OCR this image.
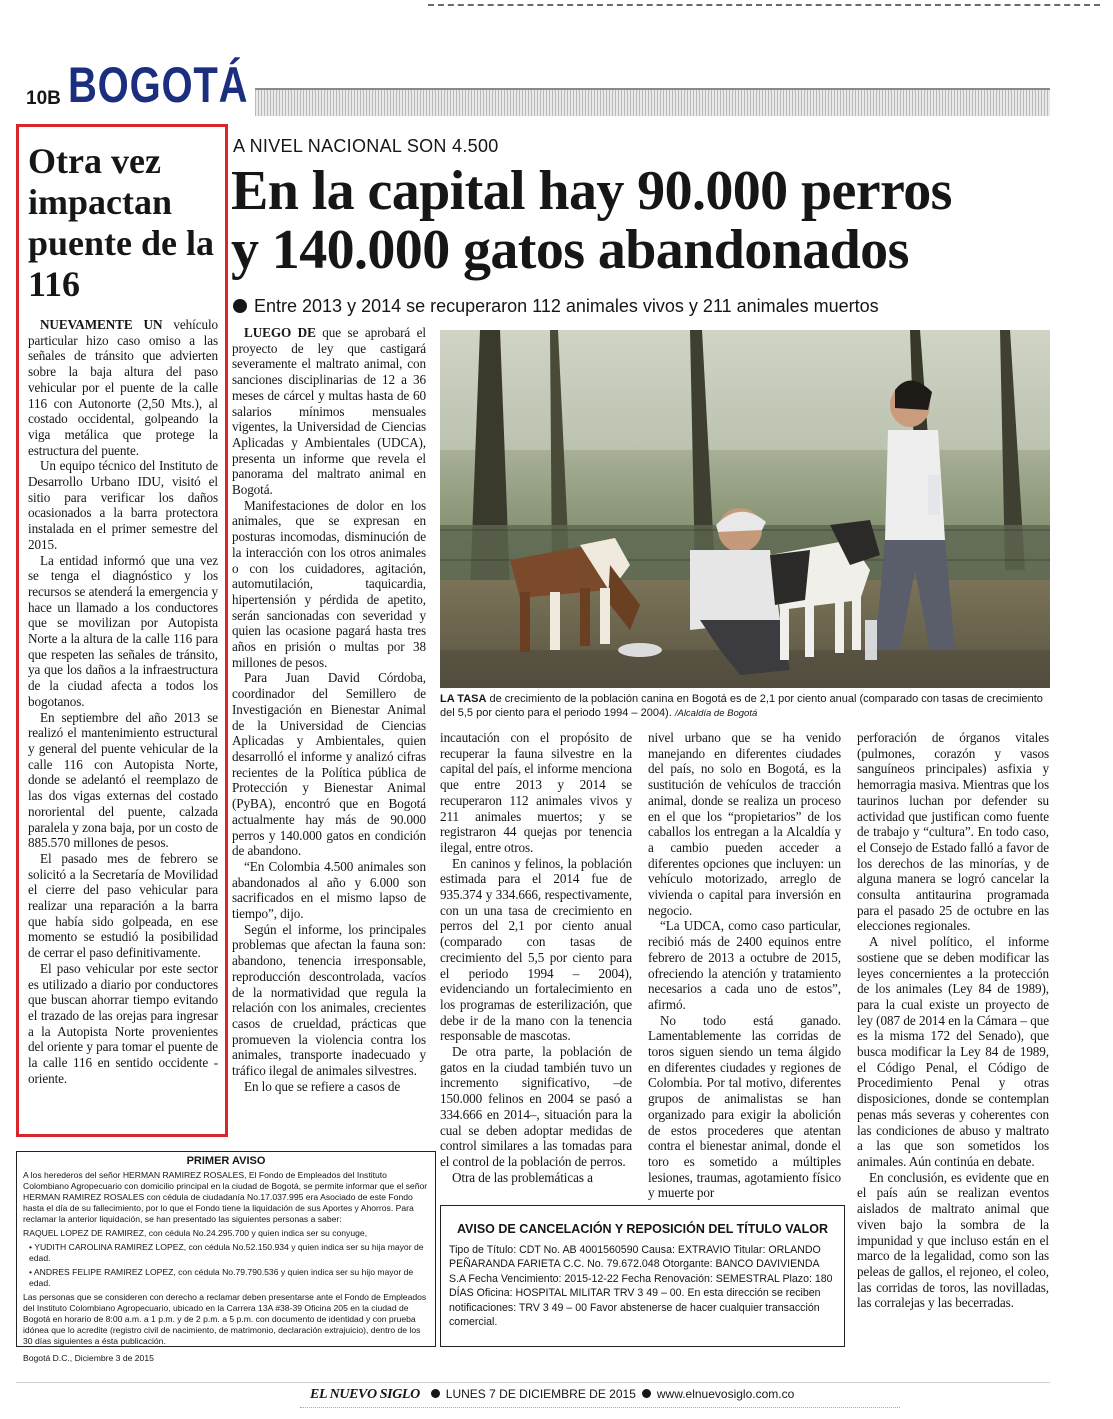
10B BOGOTÁ
Otra vez impactan puente de la 116

NUEVAMENTE UN vehículo particular hizo caso omiso a las señales de tránsito que advierten sobre la baja altura del paso vehicular por el puente de la calle 116 con Autonorte (2,50 Mts.), al costado occidental, golpeando la viga metálica que protege la estructura del puente.

Un equipo técnico del Instituto de Desarrollo Urbano IDU, visitó el sitio para verificar los daños ocasionados a la barra protectora instalada en el primer semestre del 2015.

La entidad informó que una vez se tenga el diagnóstico y los recursos se atenderá la emergencia y hace un llamado a los conductores que se movilizan por Autopista Norte a la altura de la calle 116 para que respeten las señales de tránsito, ya que los daños a la infraestructura de la ciudad afecta a todos los bogotanos.

En septiembre del año 2013 se realizó el mantenimiento estructural y general del puente vehicular de la calle 116 con Autopista Norte, donde se adelantó el reemplazo de las dos vigas externas del costado nororiental del puente, calzada paralela y zona baja, por un costo de 885.570 millones de pesos.

El pasado mes de febrero se solicitó a la Secretaría de Movilidad el cierre del paso vehicular para realizar una reparación a la barra que había sido golpeada, en ese momento se estudió la posibilidad de cerrar el paso definitivamente.

El paso vehicular por este sector es utilizado a diario por conductores que buscan ahorrar tiempo evitando el trazado de las orejas para ingresar a la Autopista Norte provenientes del oriente y para tomar el puente de la calle 116 en sentido occidente - oriente.

A NIVEL NACIONAL SON 4.500
En la capital hay 90.000 perros
y 140.000 gatos abandonados
Entre 2013 y 2014 se recuperaron 112 animales vivos y 211 animales muertos

LUEGO DE que se aprobará el proyecto de ley que castigará severamente el maltrato animal, con sanciones disciplinarias de 12 a 36 meses de cárcel y multas hasta de 60 salarios mínimos mensuales vigentes, la Universidad de Ciencias Aplicadas y Ambientales (UDCA), presenta un informe que revela el panorama del maltrato animal en Bogotá.

Manifestaciones de dolor en los animales, que se expresan en posturas incomodas, disminución de la interacción con los otros animales o con los cuidadores, agitación, automutilación, taquicardia, hipertensión y pérdida de apetito, serán sancionadas con severidad y quien las ocasione pagará hasta tres años en prisión o multas por 38 millones de pesos.

Para Juan David Córdoba, coordinador del Semillero de Investigación en Bienestar Animal de la Universidad de Ciencias Aplicadas y Ambientales, quien desarrolló el informe y analizó cifras recientes de la Política pública de Protección y Bienestar Animal (PyBA), encontró que en Bogotá actualmente hay más de 90.000 perros y 140.000 gatos en condición de abandono.

“En Colombia 4.500 animales son abandonados al año y 6.000 son sacrificados en el mismo lapso de tiempo”, dijo.

Según el informe, los principales problemas que afectan la fauna son: abandono, tenencia irresponsable, reproducción descontrolada, vacíos de la normatividad que regula la relación con los animales, crecientes casos de crueldad, prácticas que promueven la violencia contra los animales, transporte inadecuado y tráfico ilegal de animales silvestres.

En lo que se refiere a casos de

LA TASA de crecimiento de la población canina en Bogotá es de 2,1 por ciento anual (comparado con tasas de crecimiento del 5,5 por ciento para el periodo 1994 – 2004). /Alcaldía de Bogotá

incautación con el propósito de recuperar la fauna silvestre en la capital del país, el informe menciona que entre 2013 y 2014 se recuperaron 112 animales vivos y 211 animales muertos; y se registraron 44 quejas por tenencia ilegal, entre otros.

En caninos y felinos, la población estimada para el 2014 fue de 935.374 y 334.666, respectivamente, con un una tasa de crecimiento en perros del 2,1 por ciento anual (comparado con tasas de crecimiento del 5,5 por ciento para el periodo 1994 – 2004), evidenciando un fortalecimiento en los programas de esterilización, que debe ir de la mano con la tenencia responsable de mascotas.

De otra parte, la población de gatos en la ciudad también tuvo un incremento significativo, –de 150.000 felinos en 2004 se pasó a 334.666 en 2014–, situación para la cual se deben adoptar medidas de control similares a las tomadas para el control de la población de perros.

Otra de las problemáticas a

nivel urbano que se ha venido manejando en diferentes ciudades del país, no solo en Bogotá, es la sustitución de vehículos de tracción animal, donde se realiza un proceso en el que los “propietarios” de los caballos los entregan a la Alcaldía y a cambio pueden acceder a diferentes opciones que incluyen: un vehículo motorizado, arreglo de vivienda o capital para inversión en negocio.

“La UDCA, como caso particular, recibió más de 2400 equinos entre febrero de 2013 a octubre de 2015, ofreciendo la atención y tratamiento necesarios a cada uno de estos”, afirmó.

No todo está ganado. Lamentablemente las corridas de toros siguen siendo un tema álgido en diferentes ciudades y regiones de Colombia. Por tal motivo, diferentes grupos de animalistas se han organizado para exigir la abolición de estos procederes que atentan contra el bienestar animal, donde el toro es sometido a múltiples lesiones, traumas, agotamiento físico y muerte por

perforación de órganos vitales (pulmones, corazón y vasos sanguíneos principales) asfixia y hemorragia masiva. Mientras que los taurinos luchan por defender su actividad que justifican como fuente de trabajo y “cultura”. En todo caso, el Consejo de Estado falló a favor de los derechos de las minorías, y de alguna manera se logró cancelar la consulta antitaurina programada para el pasado 25 de octubre en las elecciones regionales.

A nivel político, el informe sostiene que se deben modificar las leyes concernientes a la protección de los animales (Ley 84 de 1989), para la cual existe un proyecto de ley (087 de 2014 en la Cámara – que es la misma 172 del Senado), que busca modificar la Ley 84 de 1989, el Código Penal, el Código de Procedimiento Penal y otras disposiciones, donde se contemplan penas más severas y coherentes con las condiciones de abuso y maltrato a las que son sometidos los animales. Aún continúa en debate.

En conclusión, es evidente que en el país aún se realizan eventos aislados de maltrato animal que viven bajo la sombra de la impunidad y que incluso están en el marco de la legalidad, como son las peleas de gallos, el rejoneo, el coleo, las corridas de toros, las novilladas, las corralejas y las becerradas.

PRIMER AVISO

A los herederos del señor HERMAN RAMIREZ ROSALES, El Fondo de Empleados del Instituto Colombiano Agropecuario con domicilio principal en la ciudad de Bogotá, se permite informar que el señor HERMAN RAMIREZ ROSALES con cédula de ciudadanía No.17.037.995 era Asociado de este Fondo hasta el día de su fallecimiento, por lo que el Fondo tiene la liquidación de sus Aportes y Ahorros. Para reclamar la anterior liquidación, se han presentado las siguientes personas a saber:

RAQUEL LOPEZ DE RAMIREZ, con cédula No.24.295.700 y quien indica ser su conyuge,

• YUDITH CAROLINA RAMIREZ LOPEZ, con cédula No.52.150.934 y quien indica ser su hija mayor de edad.

• ANDRES FELIPE RAMIREZ LOPEZ, con cédula No.79.790.536 y quien indica ser su hijo mayor de edad.

Las personas que se consideren con derecho a reclamar deben presentarse ante el Fondo de Empleados del Instituto Colombiano Agropecuario, ubicado en la Carrera 13A #38-39 Oficina 205 en la ciudad de Bogotá en horario de 8:00 a.m. a 1 p.m. y de 2 p.m. a 5 p.m. con documento de identidad y con prueba idónea que lo acredite (registro civil de nacimiento, de matrimonio, declaración extrajuicio), dentro de los 30 días siguientes a ésta publicación.

Bogotá D.C., Diciembre 3 de 2015

AVISO DE CANCELACIÓN Y REPOSICIÓN DEL TÍTULO VALOR

Tipo de Título: CDT No. AB 4001560590 Causa: EXTRAVIO Titular: ORLANDO PEÑARANDA FARIETA C.C. No. 79.672.048 Otorgante: BANCO DAVIVIENDA S.A Fecha Vencimiento: 2015-12-22 Fecha Renovación: SEMESTRAL Plazo: 180 DÍAS Oficina: HOSPITAL MILITAR TRV 3 49 – 00. En esta dirección se reciben notificaciones: TRV 3 49 – 00 Favor abstenerse de hacer cualquier transacción comercial.

EL NUEVO SIGLO LUNES 7 DE DICIEMBRE DE 2015 www.elnuevosiglo.com.co
